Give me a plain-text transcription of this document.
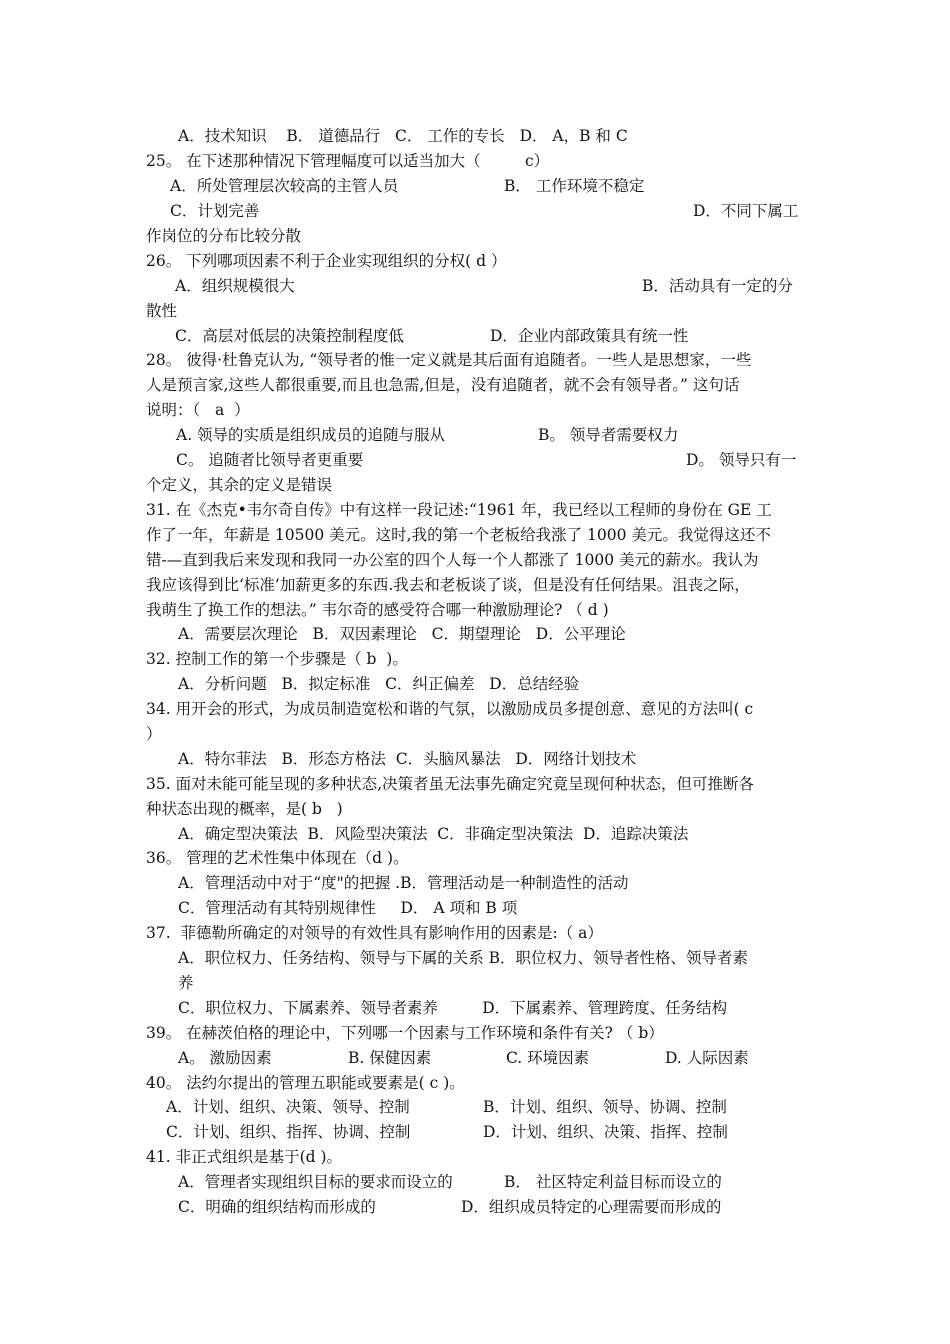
A．技术知识    B． 道德品行   C． 工作的专长   D． A，B 和 C
25。 在下述那种情况下管理幅度可以适当加大（         c）
A．所处管理层次较高的主管人员	B． 工作环境不稳定
C．计划完善	D．不同下属工
作岗位的分布比较分散
26。 下列哪项因素不利于企业实现组织的分权( d ）
A．组织规模很大	B．活动具有一定的分
散性
C．高层对低层的决策控制程度低	D．企业内部政策具有统一性
28。 彼得·杜鲁克认为, “领导者的惟一定义就是其后面有追随者。一些人是思想家，一些
人是预言家,这些人都很重要,而且也急需,但是，没有追随者，就不会有领导者。” 这句话
说明：（   a  ）
A. 领导的实质是组织成员的追随与服从	B。 领导者需要权力
C。 追随者比领导者更重要	D。 领导只有一
个定义，其余的定义是错误
31. 在《杰克•韦尔奇自传》中有这样一段记述:“1961 年，我已经以工程师的身份在 GE 工
作了一年，年薪是 10500 美元。这时,我的第一个老板给我涨了 1000 美元。我觉得这还不
错-—直到我后来发现和我同一办公室的四个人每一个人都涨了 1000 美元的薪水。我认为
我应该得到比‘标准’加薪更多的东西.我去和老板谈了谈，但是没有任何结果。沮丧之际，
我萌生了换工作的想法。” 韦尔奇的感受符合哪一种激励理论? （ d )
A．需要层次理论   B．双因素理论   C．期望理论   D．公平理论
32. 控制工作的第一个步骤是（ b  )。
A．分析问题   B．拟定标准   C．纠正偏差   D．总结经验
34. 用开会的形式，为成员制造宽松和谐的气氛，以激励成员多提创意、意见的方法叫( c
）
A．特尔菲法   B．形态方格法  C．头脑风暴法   D．网络计划技术
35. 面对未能可能呈现的多种状态,决策者虽无法事先确定究竟呈现何种状态，但可推断各
种状态出现的概率，是( b   )
A．确定型决策法  B．风险型决策法  C．非确定型决策法  D．追踪决策法
36。 管理的艺术性集中体现在（d )。
A．管理活动中对于“度"的把握 .B．管理活动是一种制造性的活动
C．管理活动有其特别规律性     D． A 项和 B 项
37.  菲德勒所确定的对领导的有效性具有影响作用的因素是:（ a）
A．职位权力、任务结构、领导与下属的关系 B．职位权力、领导者性格、领导者素
养
C．职位权力、下属素养、领导者素养         D．下属素养、管理跨度、任务结构
39。 在赫茨伯格的理论中，下列哪一个因素与工作环境和条件有关? （ b）
A。 激励因素	B. 保健因素	C. 环境因素	D. 人际因素
40。 法约尔提出的管理五职能或要素是( c )。
A．计划、组织、决策、领导、控制	B．计划、组织、领导、协调、控制
C．计划、组织、指挥、协调、控制	D．计划、组织、决策、指挥、控制
41. 非正式组织是基于(d )。
A．管理者实现组织目标的要求而设立的	B． 社区特定利益目标而设立的
C．明确的组织结构而形成的	D．组织成员特定的心理需要而形成的
